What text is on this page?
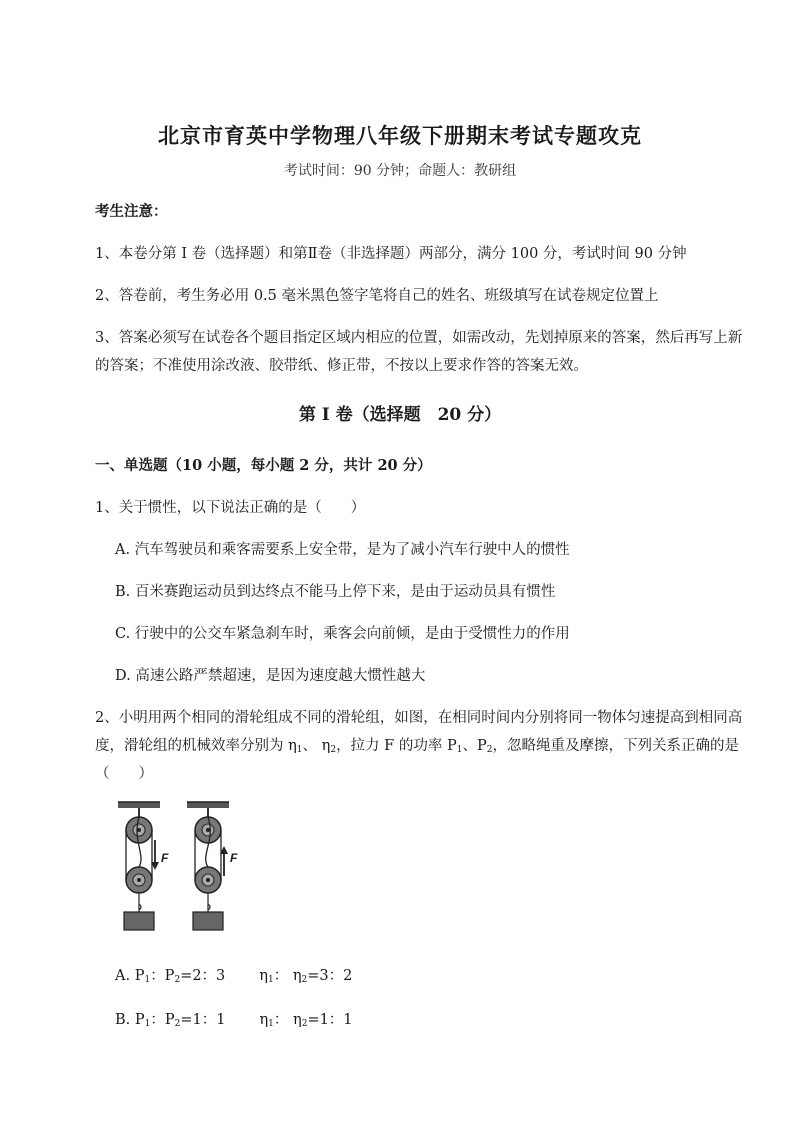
北京市育英中学物理八年级下册期末考试专题攻克
考试时间：90 分钟；命题人：教研组
考生注意：
1、本卷分第 I 卷（选择题）和第Ⅱ卷（非选择题）两部分，满分 100 分，考试时间 90 分钟
2、答卷前，考生务必用 0.5 毫米黑色签字笔将自己的姓名、班级填写在试卷规定位置上
3、答案必须写在试卷各个题目指定区域内相应的位置，如需改动，先划掉原来的答案，然后再写上新的答案；不准使用涂改液、胶带纸、修正带，不按以上要求作答的答案无效。
第 I 卷（选择题　20 分）
一、单选题（10 小题，每小题 2 分，共计 20 分）
1、关于惯性，以下说法正确的是（　　）
A. 汽车驾驶员和乘客需要系上安全带，是为了减小汽车行驶中人的惯性
B. 百米赛跑运动员到达终点不能马上停下来，是由于运动员具有惯性
C. 行驶中的公交车紧急刹车时，乘客会向前倾，是由于受惯性力的作用
D. 高速公路严禁超速，是因为速度越大惯性越大
2、小明用两个相同的滑轮组成不同的滑轮组，如图，在相同时间内分别将同一物体匀速提高到相同高
度，滑轮组的机械效率分别为 $\eta_1$、 $\eta_2$，拉力 F 的功率 $P_1$、$P_2$，忽略绳重及摩擦，下列关系正确的是
（　　）
F	F
A. $P_1$：$P_2=2$：3 $\eta_1$： $\eta_2=3$：2
B. $P_1$：$P_2=1$：1 $\eta_1$： $\eta_2=1$：1
